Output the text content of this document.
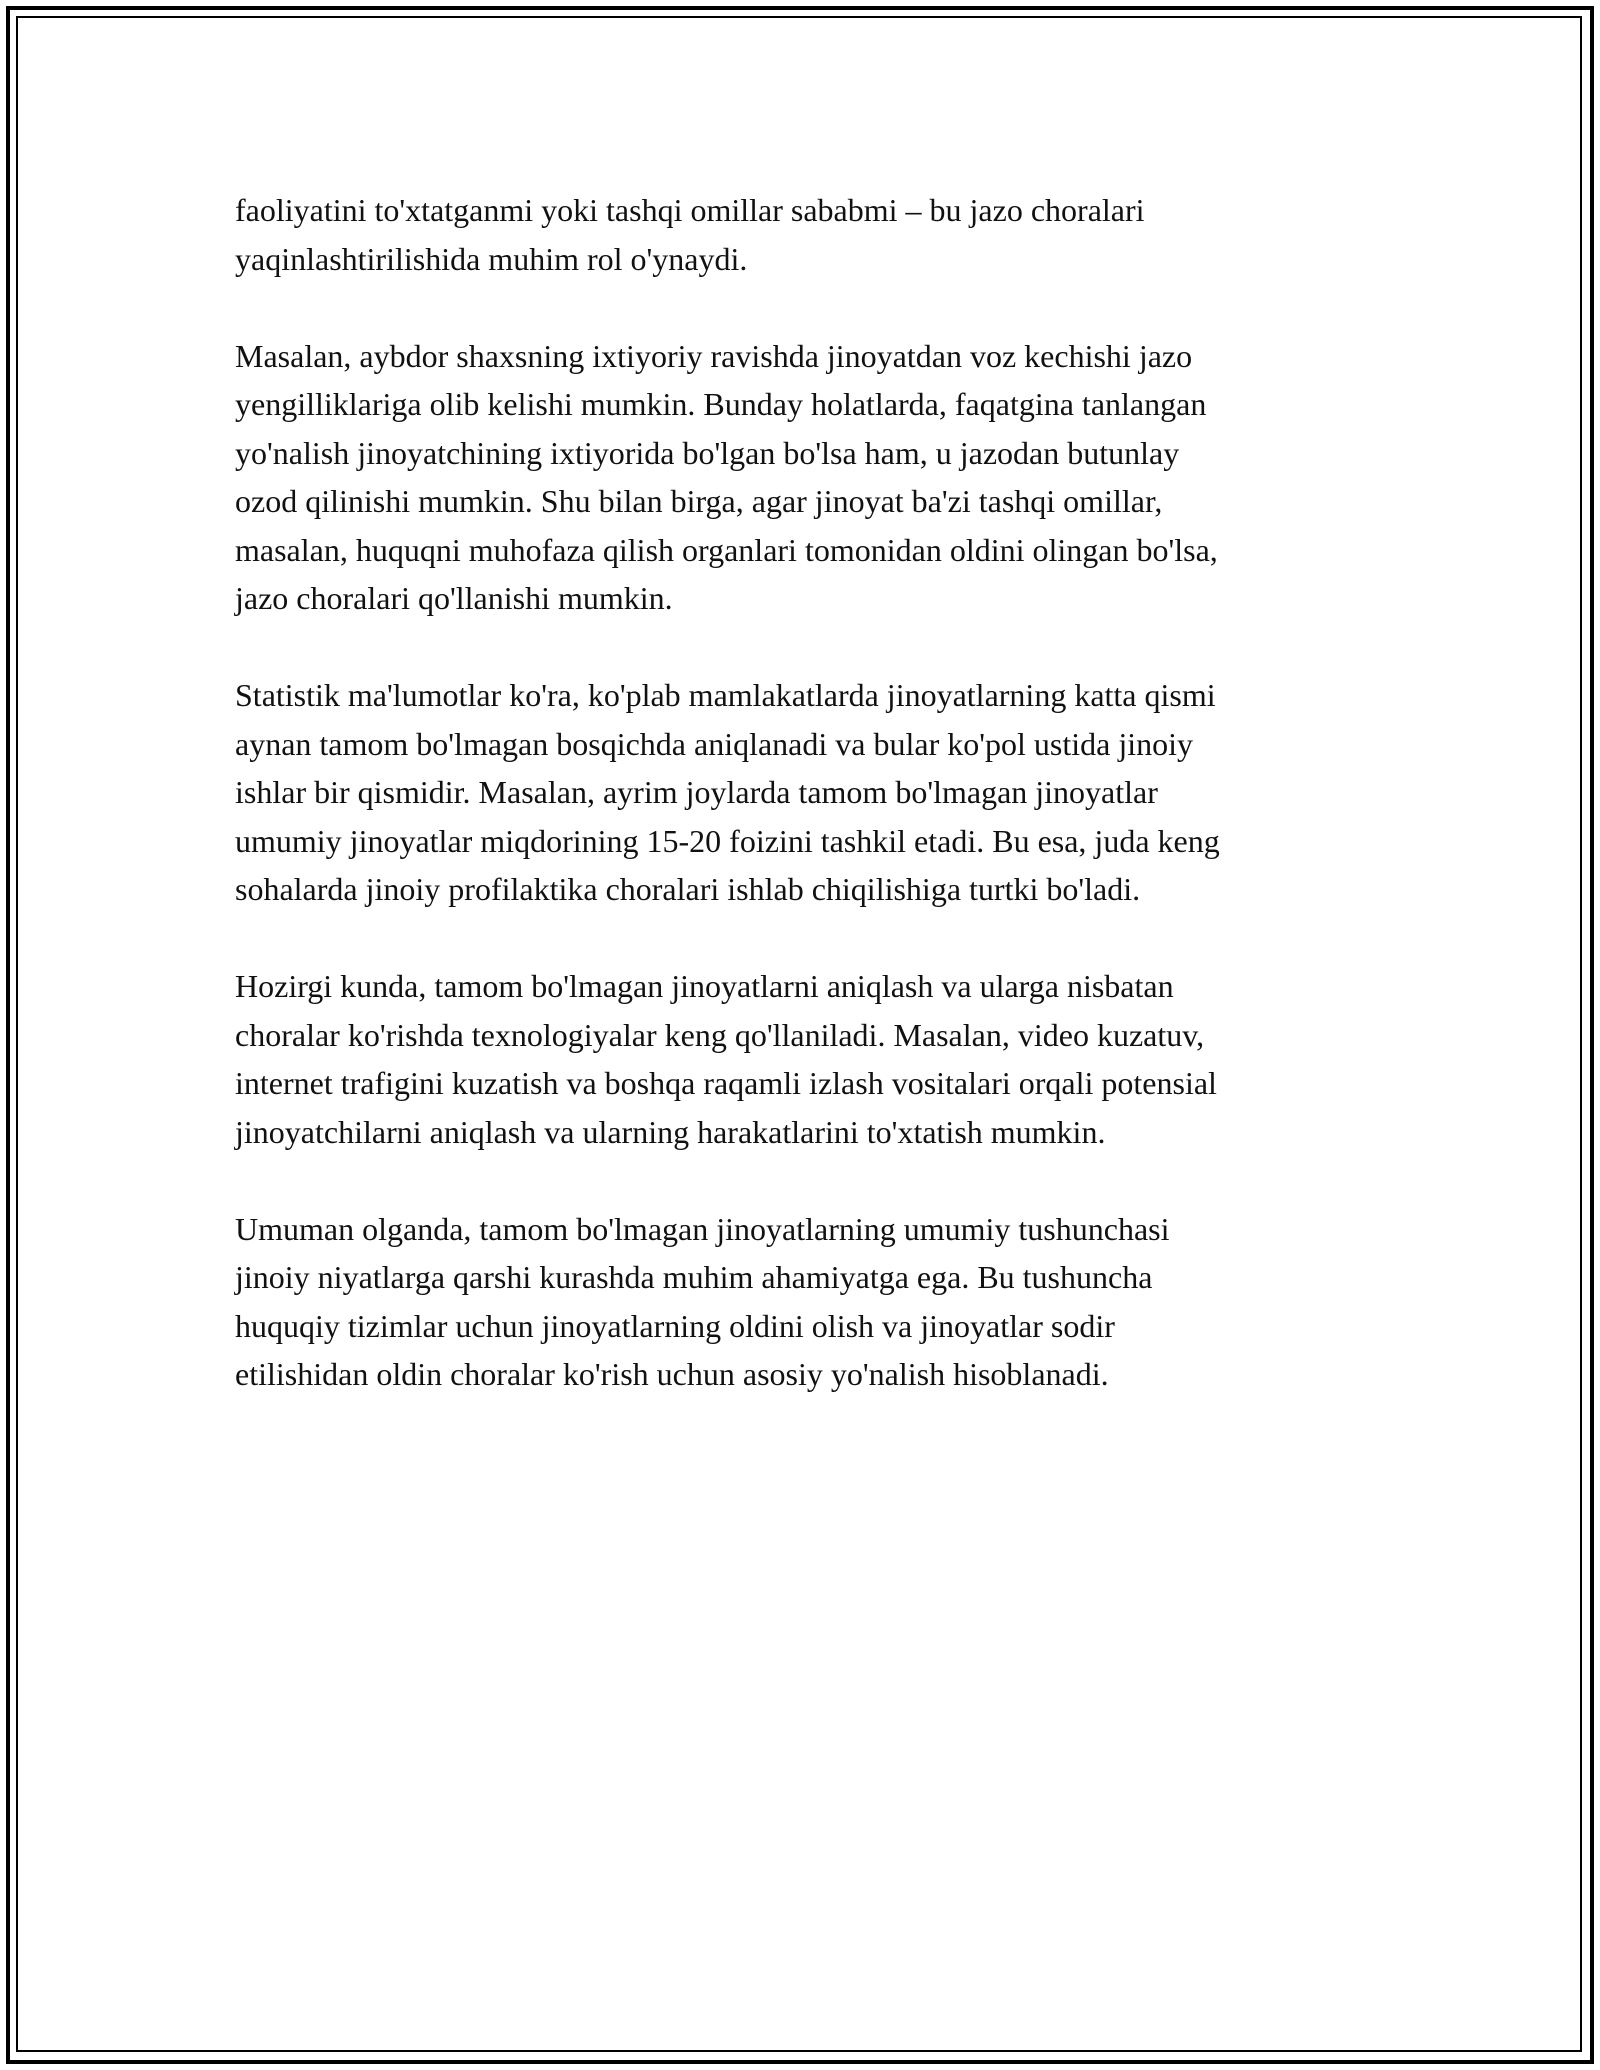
faoliyatini to'xtatganmi yoki tashqi omillar sababmi – bu jazo choralari
yaqinlashtirilishida muhim rol o'ynaydi.

Masalan, aybdor shaxsning ixtiyoriy ravishda jinoyatdan voz kechishi jazo
yengilliklariga olib kelishi mumkin. Bunday holatlarda, faqatgina tanlangan
yo'nalish jinoyatchining ixtiyorida bo'lgan bo'lsa ham, u jazodan butunlay
ozod qilinishi mumkin. Shu bilan birga, agar jinoyat ba'zi tashqi omillar,
masalan, huquqni muhofaza qilish organlari tomonidan oldini olingan bo'lsa,
jazo choralari qo'llanishi mumkin.

Statistik ma'lumotlar ko'ra, ko'plab mamlakatlarda jinoyatlarning katta qismi
aynan tamom bo'lmagan bosqichda aniqlanadi va bular ko'pol ustida jinoiy
ishlar bir qismidir. Masalan, ayrim joylarda tamom bo'lmagan jinoyatlar
umumiy jinoyatlar miqdorining 15-20 foizini tashkil etadi. Bu esa, juda keng
sohalarda jinoiy profilaktika choralari ishlab chiqilishiga turtki bo'ladi.

Hozirgi kunda, tamom bo'lmagan jinoyatlarni aniqlash va ularga nisbatan
choralar ko'rishda texnologiyalar keng qo'llaniladi. Masalan, video kuzatuv,
internet trafigini kuzatish va boshqa raqamli izlash vositalari orqali potensial
jinoyatchilarni aniqlash va ularning harakatlarini to'xtatish mumkin.

Umuman olganda, tamom bo'lmagan jinoyatlarning umumiy tushunchasi
jinoiy niyatlarga qarshi kurashda muhim ahamiyatga ega. Bu tushuncha
huquqiy tizimlar uchun jinoyatlarning oldini olish va jinoyatlar sodir
etilishidan oldin choralar ko'rish uchun asosiy yo'nalish hisoblanadi.
